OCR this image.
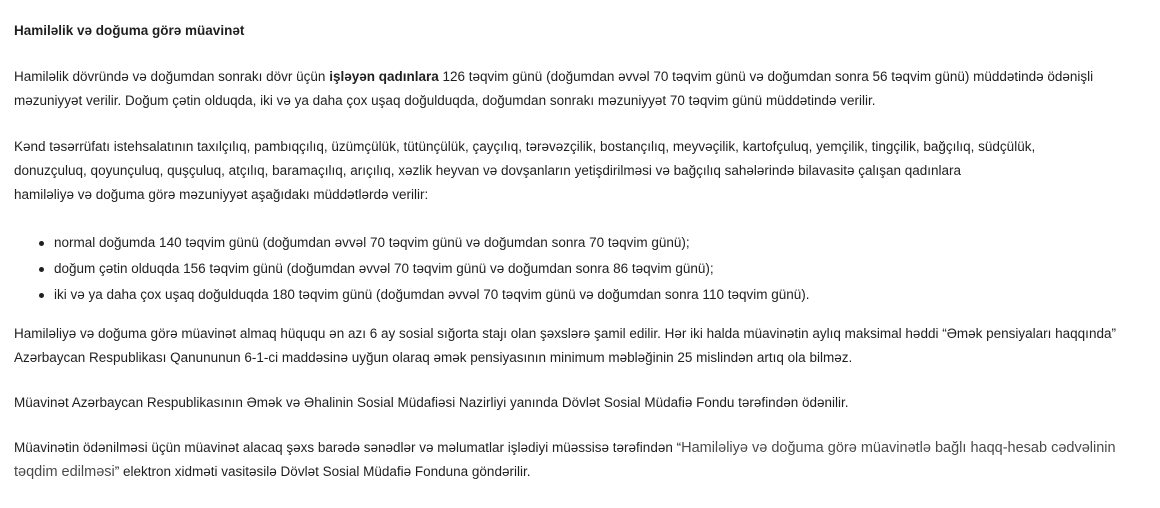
Hamiləlik və doğuma görə müavinət

Hamiləlik dövründə və doğumdan sonrakı dövr üçün işləyən qadınlara 126 təqvim günü (doğumdan əvvəl 70 təqvim günü və doğumdan sonra 56 təqvim günü) müddətində ödənişli məzuniyyət verilir. Doğum çətin olduqda, iki və ya daha çox uşaq doğulduqda, doğumdan sonrakı məzuniyyət 70 təqvim günü müddətində verilir.

Kənd təsərrüfatı istehsalatının taxılçılıq, pambıqçılıq, üzümçülük, tütünçülük, çayçılıq, tərəvəzçilik, bostançılıq, meyvəçilik, kartofçuluq, yemçilik, tingçilik, bağçılıq, südçülük,
donuzçuluq, qoyunçuluq, quşçuluq, atçılıq, baramaçılıq, arıçılıq, xəzlik heyvan və dovşanların yetişdirilməsi və bağçılıq sahələrində bilavasitə çalışan qadınlara
hamiləliyə və doğuma görə məzuniyyət aşağıdakı müddətlərdə verilir:

normal doğumda 140 təqvim günü (doğumdan əvvəl 70 təqvim günü və doğumdan sonra 70 təqvim günü);
doğum çətin olduqda 156 təqvim günü (doğumdan əvvəl 70 təqvim günü və doğumdan sonra 86 təqvim günü);
iki və ya daha çox uşaq doğulduqda 180 təqvim günü (doğumdan əvvəl 70 təqvim günü və doğumdan sonra 110 təqvim günü).

Hamiləliyə və doğuma görə müavinət almaq hüququ ən azı 6 ay sosial sığorta stajı olan şəxslərə şamil edilir. Hər iki halda müavinətin aylıq maksimal həddi “Əmək pensiyaları haqqında” Azərbaycan Respublikası Qanununun 6-1-ci maddəsinə uyğun olaraq əmək pensiyasının minimum məbləğinin 25 mislindən artıq ola bilməz.

Müavinət Azərbaycan Respublikasının Əmək və Əhalinin Sosial Müdafiəsi Nazirliyi yanında Dövlət Sosial Müdafiə Fondu tərəfindən ödənilir.

Müavinətin ödənilməsi üçün müavinət alacaq şəxs barədə sənədlər və məlumatlar işlədiyi müəssisə tərəfindən “Hamiləliyə və doğuma görə müavinətlə bağlı haqq-hesab cədvəlinin təqdim edilməsi” elektron xidməti vasitəsilə Dövlət Sosial Müdafiə Fonduna göndərilir.
